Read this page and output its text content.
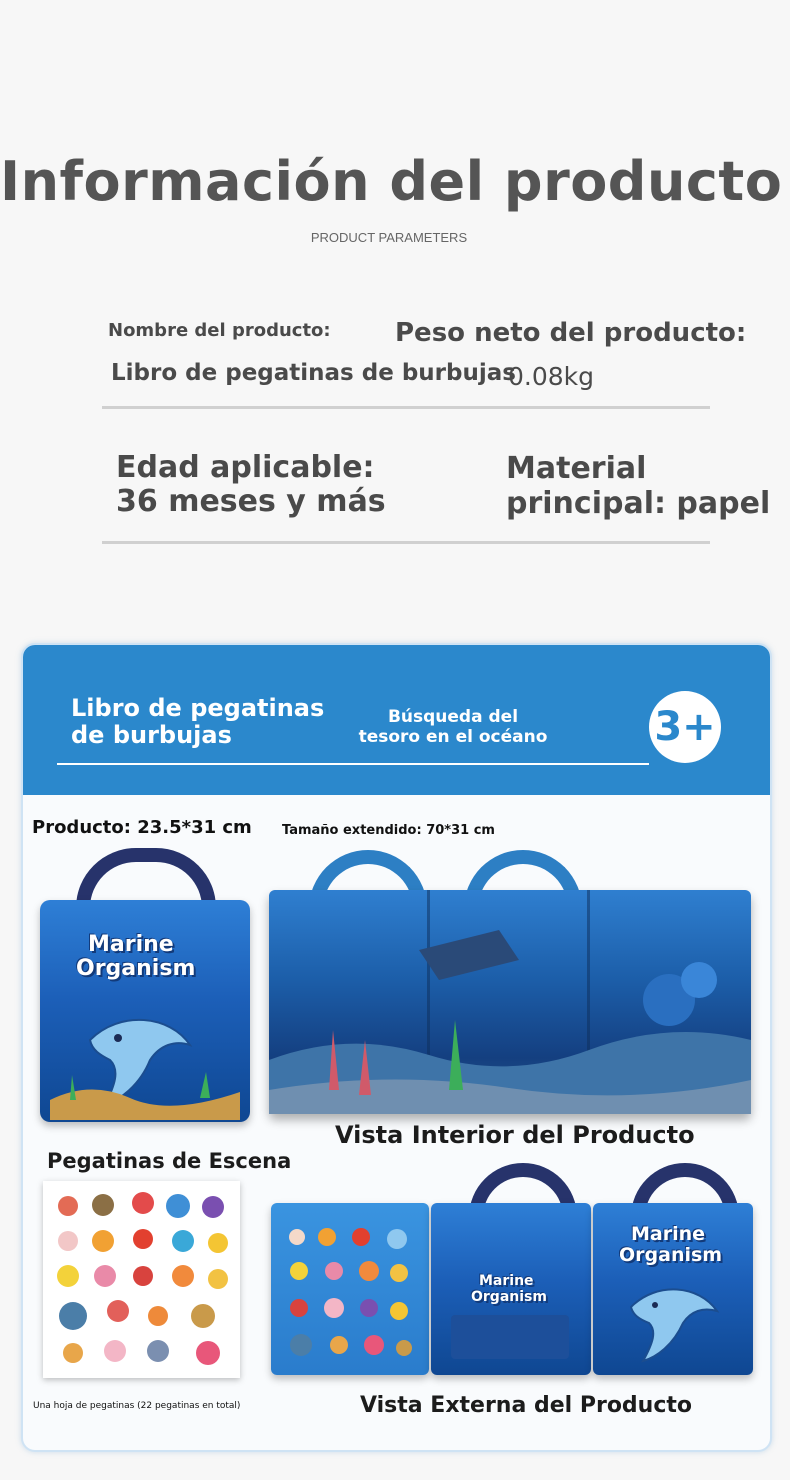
Información del producto
PRODUCT PARAMETERS
Nombre del producto: Peso neto del producto:
Libro de pegatinas de burbujas
0.08kg
Edad aplicable:
36 meses y más
Material
principal: papel
Libro de pegatinas
de burbujas
Búsqueda del
tesoro en el océano	3+
Producto: 23.5*31 cm Tamaño extendido: 70*31 cm
Marine
Organism
Vista Interior del Producto
Pegatinas de Escena
Una hoja de pegatinas (22 pegatinas en total)
Marine
Organism
Marine
Organism
Vista Externa del Producto
